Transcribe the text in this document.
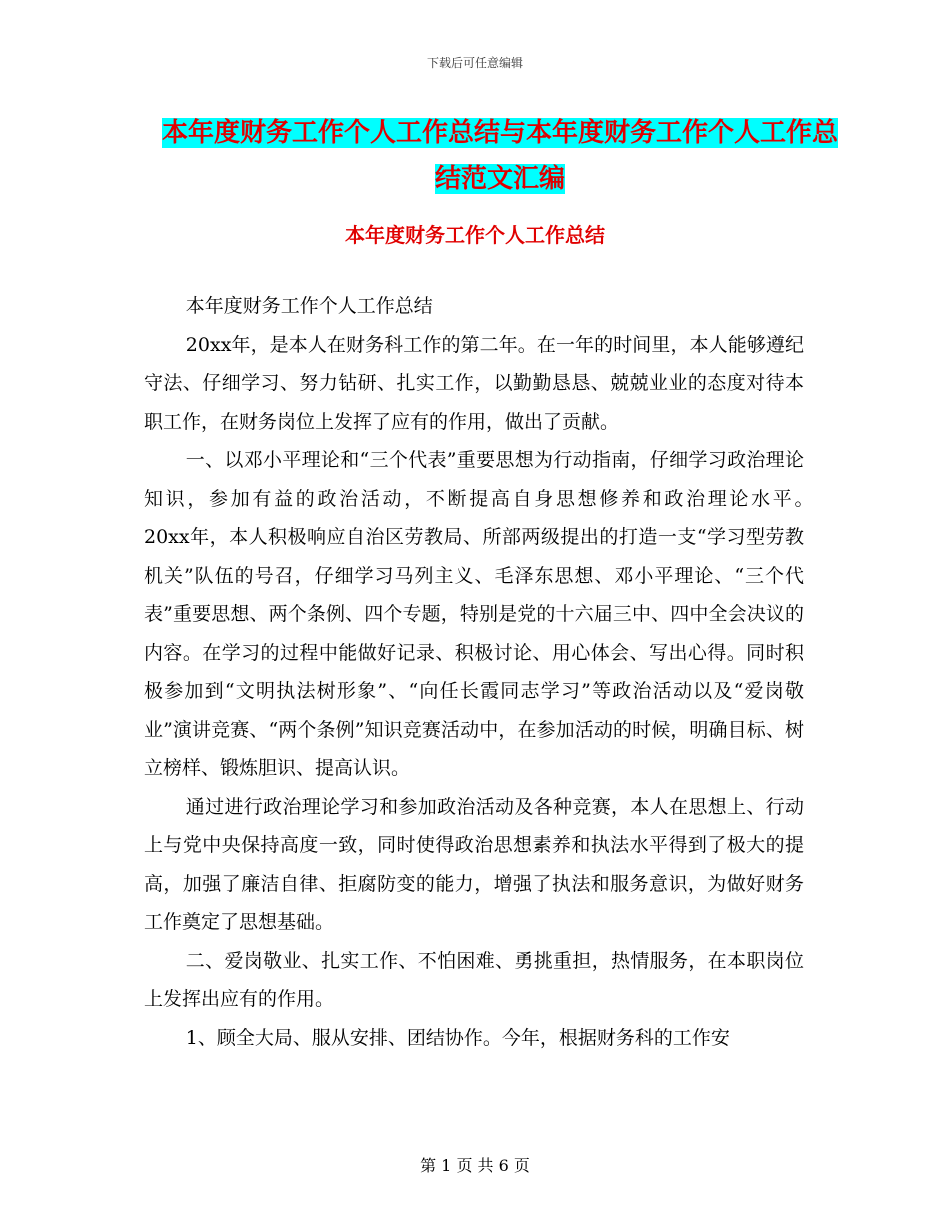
下载后可任意编辑
本年度财务工作个人工作总结与本年度财务工作个人工作总结范文汇编
本年度财务工作个人工作总结

本年度财务工作个人工作总结

20xx年，是本人在财务科工作的第二年。在一年的时间里，本人能够遵纪守法、仔细学习、努力钻研、扎实工作，以勤勤恳恳、兢兢业业的态度对待本职工作，在财务岗位上发挥了应有的作用，做出了贡献。

一、以邓小平理论和“三个代表”重要思想为行动指南，仔细学习政治理论知识，参加有益的政治活动，不断提高自身思想修养和政治理论水平。　　20xx年，本人积极响应自治区劳教局、所部两级提出的打造一支“学习型劳教机关”队伍的号召，仔细学习马列主义、毛泽东思想、邓小平理论、“三个代表”重要思想、两个条例、四个专题，特别是党的十六届三中、四中全会决议的内容。在学习的过程中能做好记录、积极讨论、用心体会、写出心得。同时积极参加到“文明执法树形象”、“向任长霞同志学习”等政治活动以及“爱岗敬业”演讲竞赛、“两个条例”知识竞赛活动中，在参加活动的时候，明确目标、树立榜样、锻炼胆识、提高认识。

通过进行政治理论学习和参加政治活动及各种竞赛，本人在思想上、行动上与党中央保持高度一致，同时使得政治思想素养和执法水平得到了极大的提高，加强了廉洁自律、拒腐防变的能力，增强了执法和服务意识，为做好财务工作奠定了思想基础。

二、爱岗敬业、扎实工作、不怕困难、勇挑重担，热情服务，在本职岗位上发挥出应有的作用。

1、顾全大局、服从安排、团结协作。今年，根据财务科的工作安

第 1 页 共 6 页
